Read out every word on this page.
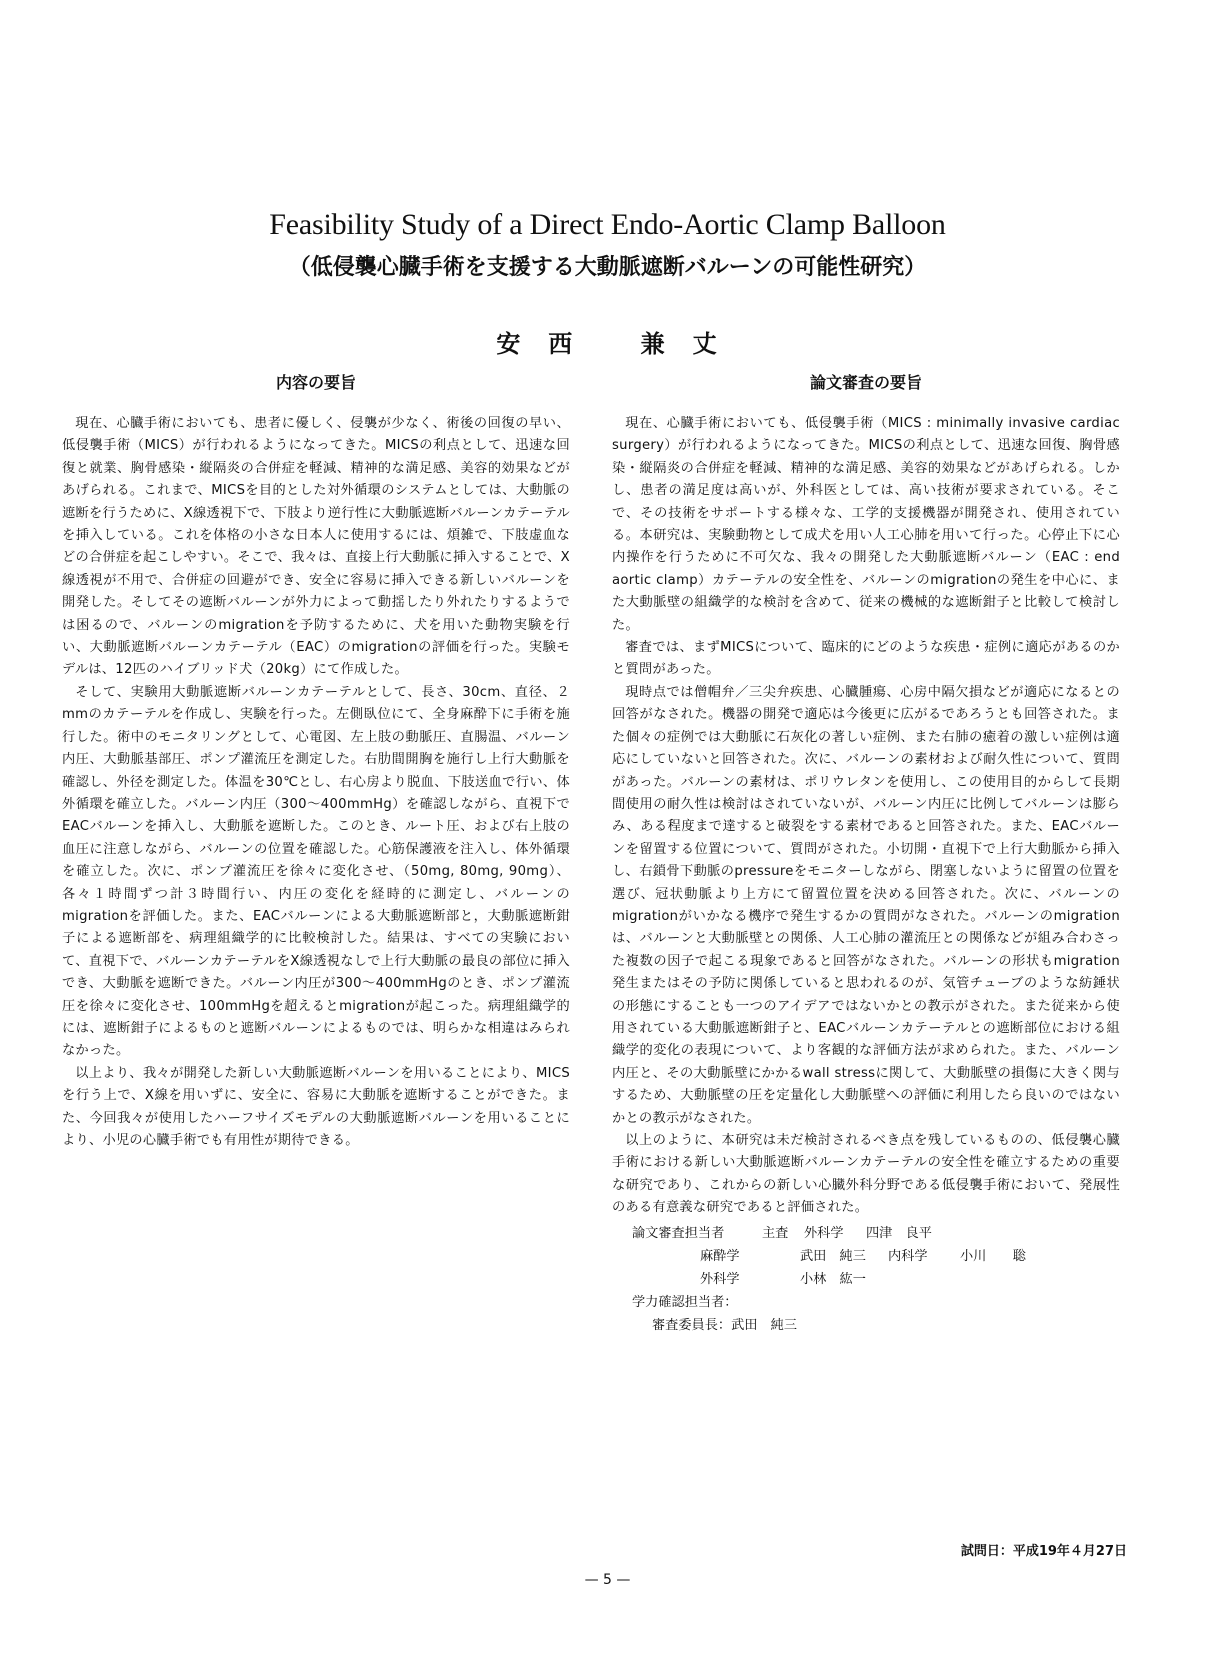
Feasibility Study of a Direct Endo-Aortic Clamp Balloon
（低侵襲心臓手術を支援する大動脈遮断バルーンの可能性研究）
安　西	兼　丈
内容の要旨

現在、心臓手術においても、患者に優しく、侵襲が少なく、術後の回復の早い、低侵襲手術（MICS）が行われるようになってきた。MICSの利点として、迅速な回復と就業、胸骨感染・縦隔炎の合併症を軽減、精神的な満足感、美容的効果などがあげられる。これまで、MICSを目的とした対外循環のシステムとしては、大動脈の遮断を行うために、X線透視下で、下肢より逆行性に大動脈遮断バルーンカテーテルを挿入している。これを体格の小さな日本人に使用するには、煩雑で、下肢虚血などの合併症を起こしやすい。そこで、我々は、直接上行大動脈に挿入することで、X線透視が不用で、合併症の回避ができ、安全に容易に挿入できる新しいバルーンを開発した。そしてその遮断バルーンが外力によって動揺したり外れたりするようでは困るので、バルーンのmigrationを予防するために、犬を用いた動物実験を行い、大動脈遮断バルーンカテーテル（EAC）のmigrationの評価を行った。実験モデルは、12匹のハイブリッド犬（20kg）にて作成した。

そして、実験用大動脈遮断バルーンカテーテルとして、長さ、30cm、直径、２mmのカテーテルを作成し、実験を行った。左側臥位にて、全身麻酔下に手術を施行した。術中のモニタリングとして、心電図、左上肢の動脈圧、直腸温、バルーン内圧、大動脈基部圧、ポンプ灌流圧を測定した。右肋間開胸を施行し上行大動脈を確認し、外径を測定した。体温を30℃とし、右心房より脱血、下肢送血で行い、体外循環を確立した。バルーン内圧（300～400mmHg）を確認しながら、直視下でEACバルーンを挿入し、大動脈を遮断した。このとき、ルート圧、および右上肢の血圧に注意しながら、バルーンの位置を確認した。心筋保護液を注入し、体外循環を確立した。次に、ポンプ灌流圧を徐々に変化させ、（50mg, 80mg, 90mg）、各々１時間ずつ計３時間行い、内圧の変化を経時的に測定し、バルーンのmigrationを評価した。また、EACバルーンによる大動脈遮断部と，大動脈遮断鉗子による遮断部を、病理組織学的に比較検討した。結果は、すべての実験において、直視下で、バルーンカテーテルをX線透視なしで上行大動脈の最良の部位に挿入でき、大動脈を遮断できた。バルーン内圧が300～400mmHgのとき、ポンプ灌流圧を徐々に変化させ、100mmHgを超えるとmigrationが起こった。病理組織学的には、遮断鉗子によるものと遮断バルーンによるものでは、明らかな相違はみられなかった。

以上より、我々が開発した新しい大動脈遮断バルーンを用いることにより、MICSを行う上で、X線を用いずに、安全に、容易に大動脈を遮断することができた。また、今回我々が使用したハーフサイズモデルの大動脈遮断バルーンを用いることにより、小児の心臓手術でも有用性が期待できる。

論文審査の要旨

現在、心臓手術においても、低侵襲手術（MICS : minimally invasive cardiac surgery）が行われるようになってきた。MICSの利点として、迅速な回復、胸骨感染・縦隔炎の合併症を軽減、精神的な満足感、美容的効果などがあげられる。しかし、患者の満足度は高いが、外科医としては、高い技術が要求されている。そこで、その技術をサポートする様々な、工学的支援機器が開発され、使用されている。本研究は、実験動物として成犬を用い人工心肺を用いて行った。心停止下に心内操作を行うために不可欠な、我々の開発した大動脈遮断バルーン（EAC : end aortic clamp）カテーテルの安全性を、バルーンのmigrationの発生を中心に、また大動脈壁の組織学的な検討を含めて、従来の機械的な遮断鉗子と比較して検討した。

審査では、まずMICSについて、臨床的にどのような疾患・症例に適応があるのかと質問があった。

現時点では僧帽弁／三尖弁疾患、心臓腫瘍、心房中隔欠損などが適応になるとの回答がなされた。機器の開発で適応は今後更に広がるであろうとも回答された。また個々の症例では大動脈に石灰化の著しい症例、また右肺の癒着の激しい症例は適応にしていないと回答された。次に、バルーンの素材および耐久性について、質問があった。バルーンの素材は、ポリウレタンを使用し、この使用目的からして長期間使用の耐久性は検討はされていないが、バルーン内圧に比例してバルーンは膨らみ、ある程度まで達すると破裂をする素材であると回答された。また、EACバルーンを留置する位置について、質問がされた。小切開・直視下で上行大動脈から挿入し、右鎖骨下動脈のpressureをモニターしながら、閉塞しないように留置の位置を選び、冠状動脈より上方にて留置位置を決める回答された。次に、バルーンのmigrationがいかなる機序で発生するかの質問がなされた。バルーンのmigrationは、バルーンと大動脈壁との関係、人工心肺の灌流圧との関係などが組み合わさった複数の因子で起こる現象であると回答がなされた。バルーンの形状もmigration発生またはその予防に関係していると思われるのが、気管チューブのような紡錘状の形態にすることも一つのアイデアではないかとの教示がされた。また従来から使用されている大動脈遮断鉗子と、EACバルーンカテーテルとの遮断部位における組織学的変化の表現について、より客観的な評価方法が求められた。また、バルーン内圧と、その大動脈壁にかかるwall stressに関して、大動脈壁の損傷に大きく関与するため、大動脈壁の圧を定量化し大動脈壁への評価に利用したら良いのではないかとの教示がなされた。

以上のように、本研究は未だ検討されるべき点を残しているものの、低侵襲心臓手術における新しい大動脈遮断バルーンカテーテルの安全性を確立するための重要な研究であり、これからの新しい心臓外科分野である低侵襲手術において、発展性のある有意義な研究であると評価された。

論文審査担当者	主査	外科学	四津　良平
麻酔学	武田　純三	内科学	小川　　聡
外科学	小林　紘一
学力確認担当者：
審査委員長：武田　純三
試問日：平成19年４月27日
— 5 —
